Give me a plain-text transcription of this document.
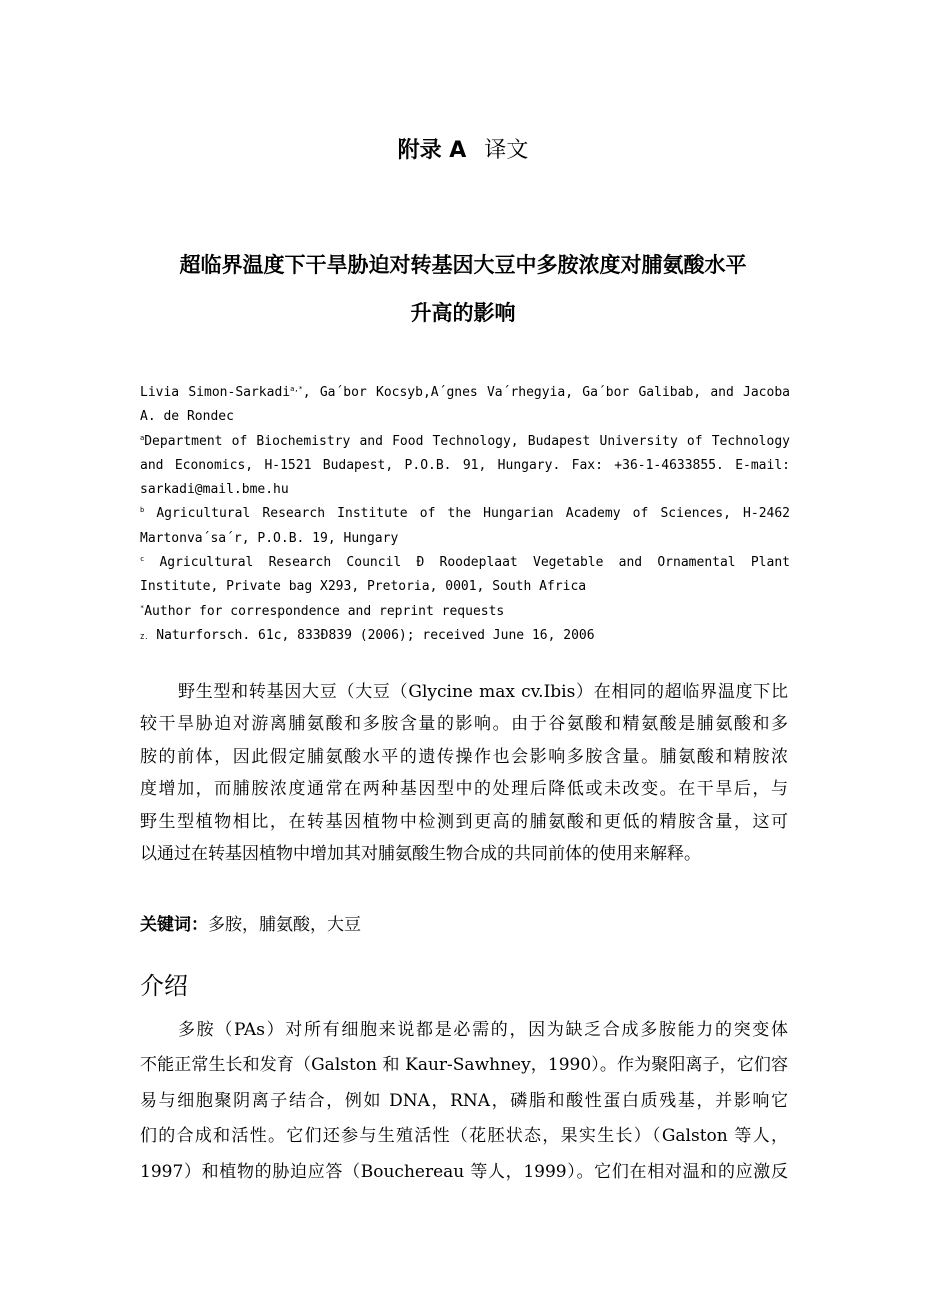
附录 A 译文
超临界温度下干旱胁迫对转基因大豆中多胺浓度对脯氨酸水平
升高的影响
Livia Simon-Sarkadi$^{a,*}$, Ga´bor Kocsyb,A´gnes Va´rhegyia, Ga´bor Galibab, and Jacoba
A. de Rondec
$^a$Department of Biochemistry and Food Technology, Budapest University of Technology
and Economics, H-1521 Budapest, P.O.B. 91, Hungary. Fax: +36-1-4633855. E-mail:
sarkadi@mail.bme.hu
$^b$ Agricultural Research Institute of the Hungarian Academy of Sciences, H-2462
Martonva´sa´r, P.O.B. 19, Hungary
$^c$ Agricultural Research Council Ð Roodeplaat Vegetable and Ornamental Plant
Institute, Private bag X293, Pretoria, 0001, South Africa
*Author for correspondence and reprint requests
Z. Naturforsch. 61c, 833Ð839 (2006); received June 16, 2006
野生型和转基因大豆（大豆（Glycine max cv.Ibis）在相同的超临界温度下比
较干旱胁迫对游离脯氨酸和多胺含量的影响。由于谷氨酸和精氨酸是脯氨酸和多
胺的前体，因此假定脯氨酸水平的遗传操作也会影响多胺含量。脯氨酸和精胺浓
度增加，而脯胺浓度通常在两种基因型中的处理后降低或未改变。在干旱后，与
野生型植物相比，在转基因植物中检测到更高的脯氨酸和更低的精胺含量，这可
以通过在转基因植物中增加其对脯氨酸生物合成的共同前体的使用来解释。
关键词：多胺，脯氨酸，大豆
介绍
多胺（PAs）对所有细胞来说都是必需的，因为缺乏合成多胺能力的突变体
不能正常生长和发育（Galston 和 Kaur-Sawhney，1990）。作为聚阳离子，它们容
易与细胞聚阴离子结合，例如 DNA，RNA，磷脂和酸性蛋白质残基，并影响它
们的合成和活性。它们还参与生殖活性（花胚状态，果实生长）（Galston 等人，
1997）和植物的胁迫应答（Bouchereau 等人，1999）。它们在相对温和的应激反
